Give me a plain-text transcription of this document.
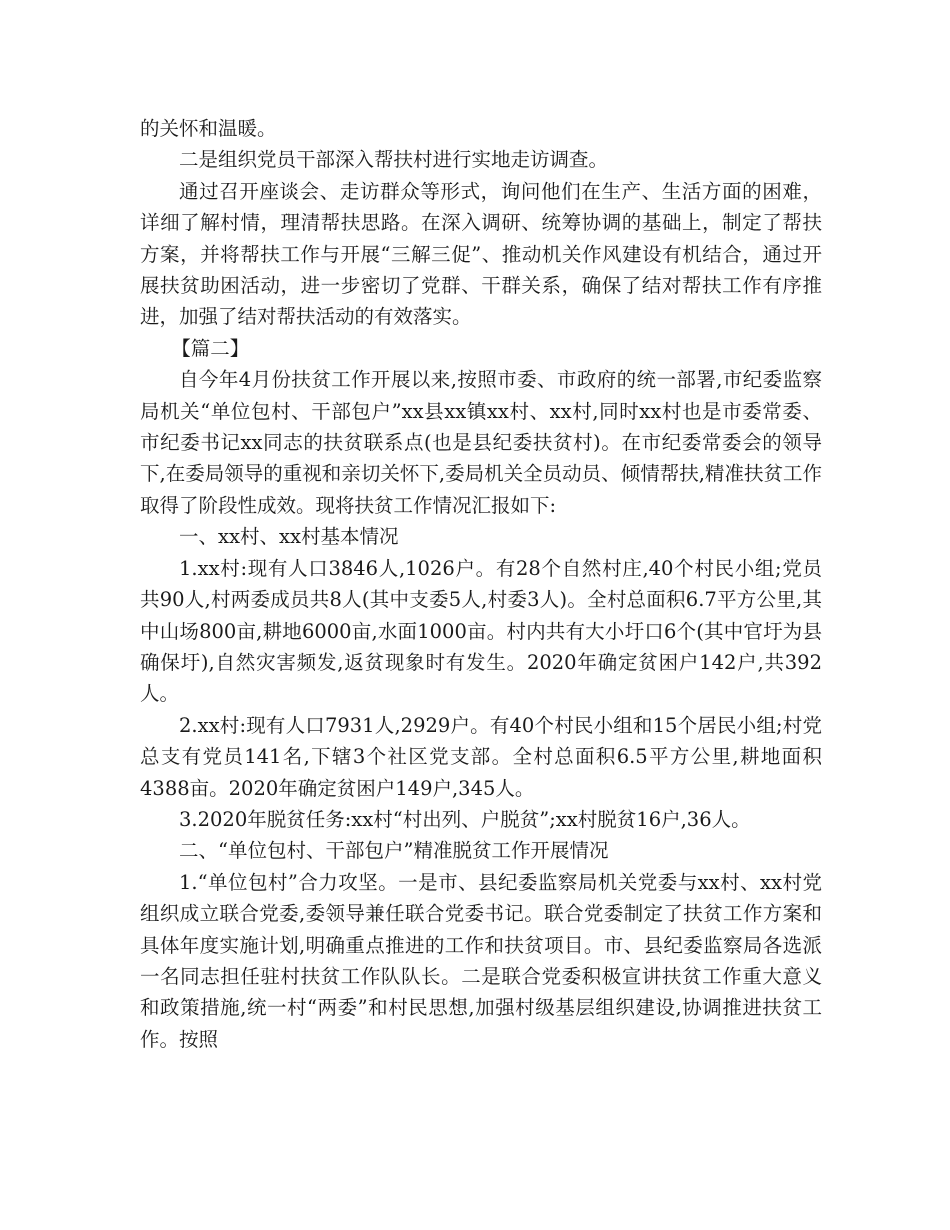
的关怀和温暖。

二是组织党员干部深入帮扶村进行实地走访调查。

通过召开座谈会、走访群众等形式，询问他们在生产、生活方面的困难，详细了解村情，理清帮扶思路。在深入调研、统筹协调的基础上，制定了帮扶方案，并将帮扶工作与开展“三解三促”、推动机关作风建设有机结合，通过开展扶贫助困活动，进一步密切了党群、干群关系，确保了结对帮扶工作有序推进，加强了结对帮扶活动的有效落实。

【篇二】

自今年4月份扶贫工作开展以来,按照市委、市政府的统一部署,市纪委监察局机关“单位包村、干部包户”xx县xx镇xx村、xx村,同时xx村也是市委常委、市纪委书记xx同志的扶贫联系点(也是县纪委扶贫村)。在市纪委常委会的领导下,在委局领导的重视和亲切关怀下,委局机关全员动员、倾情帮扶,精准扶贫工作取得了阶段性成效。现将扶贫工作情况汇报如下:

一、xx村、xx村基本情况

1.xx村:现有人口3846人,1026户。有28个自然村庄,40个村民小组;党员共90人,村两委成员共8人(其中支委5人,村委3人)。全村总面积6.7平方公里,其中山场800亩,耕地6000亩,水面1000亩。村内共有大小圩口6个(其中官圩为县确保圩),自然灾害频发,返贫现象时有发生。2020年确定贫困户142户,共392人。

2.xx村:现有人口7931人,2929户。有40个村民小组和15个居民小组;村党总支有党员141名,下辖3个社区党支部。全村总面积6.5平方公里,耕地面积4388亩。2020年确定贫困户149户,345人。

3.2020年脱贫任务:xx村“村出列、户脱贫”;xx村脱贫16户,36人。

二、“单位包村、干部包户”精准脱贫工作开展情况

1.“单位包村”合力攻坚。一是市、县纪委监察局机关党委与xx村、xx村党组织成立联合党委,委领导兼任联合党委书记。联合党委制定了扶贫工作方案和具体年度实施计划,明确重点推进的工作和扶贫项目。市、县纪委监察局各选派一名同志担任驻村扶贫工作队队长。二是联合党委积极宣讲扶贫工作重大意义和政策措施,统一村“两委”和村民思想,加强村级基层组织建设,协调推进扶贫工作。按照
